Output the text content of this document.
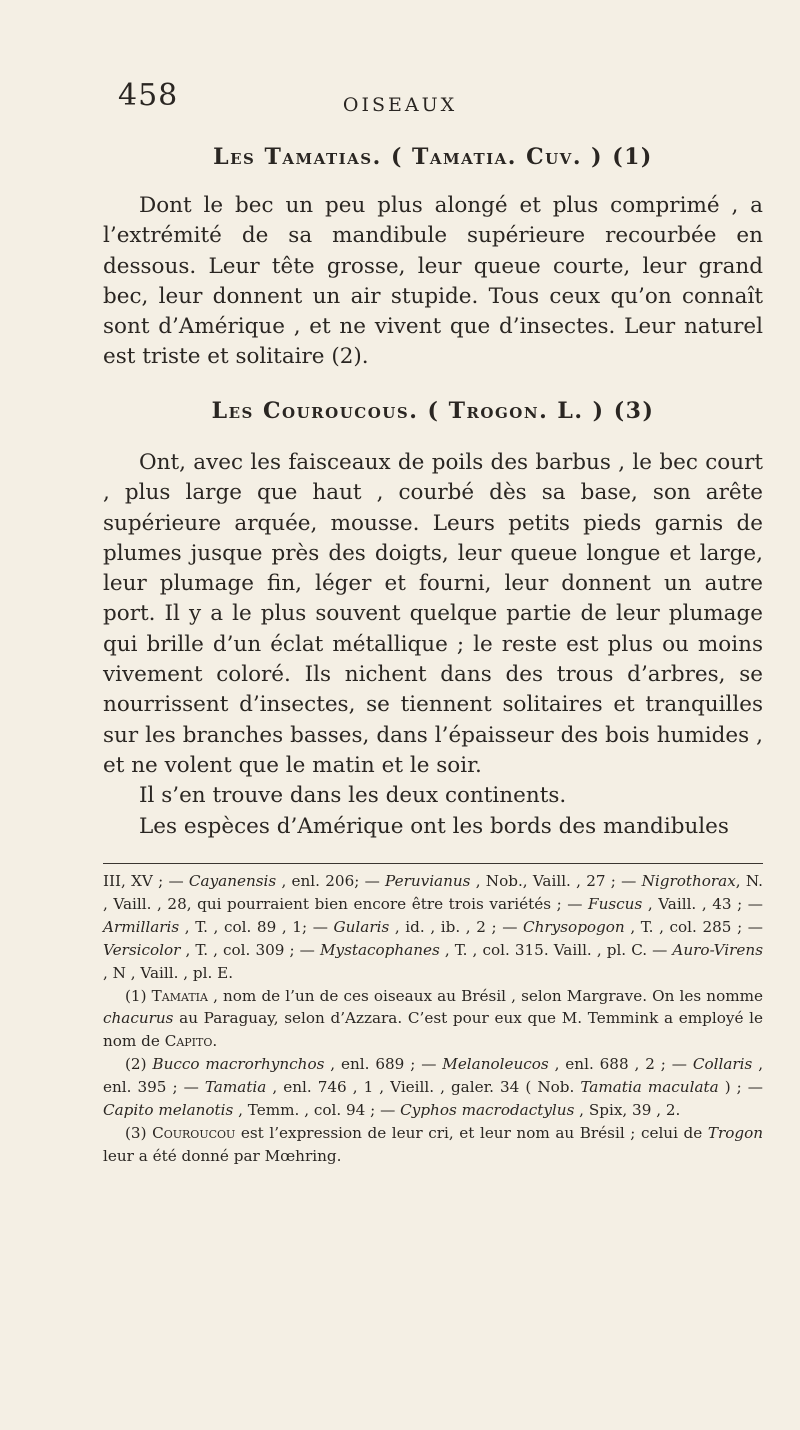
458	OISEAUX
Les Tamatias. ( Tamatia. Cuv. ) (1)

Dont le bec un peu plus alongé et plus comprimé , a l’extrémité de sa mandibule supérieure recourbée en dessous. Leur tête grosse, leur queue courte, leur grand bec, leur donnent un air stupide. Tous ceux qu’on connaît sont d’Amérique , et ne vivent que d’insectes. Leur naturel est triste et solitaire (2).

Les Couroucous. ( Trogon. L. ) (3)

Ont, avec les faisceaux de poils des barbus , le bec court , plus large que haut , courbé dès sa base, son arête supérieure arquée, mousse. Leurs petits pieds garnis de plumes jusque près des doigts, leur queue longue et large, leur plumage fin, léger et fourni, leur donnent un autre port. Il y a le plus souvent quelque partie de leur plumage qui brille d’un éclat métallique ; le reste est plus ou moins vivement coloré. Ils nichent dans des trous d’arbres, se nourrissent d’insectes, se tiennent solitaires et tranquilles sur les branches basses, dans l’épaisseur des bois humides , et ne volent que le matin et le soir.

Il s’en trouve dans les deux continents.

Les espèces d’Amérique ont les bords des mandibules

III, XV ; — Cayanensis , enl. 206; — Peruvianus , Nob., Vaill. , 27 ; — Nigrothorax, N. , Vaill. , 28, qui pourraient bien encore être trois variétés ; — Fuscus , Vaill. , 43 ; — Armillaris , T. , col. 89 , 1; — Gularis , id. , ib. , 2 ; — Chrysopogon , T. , col. 285 ; — Versicolor , T. , col. 309 ; — Mystacophanes , T. , col. 315. Vaill. , pl. C. — Auro-Virens , N , Vaill. , pl. E.

(1) Tamatia , nom de l’un de ces oiseaux au Brésil , selon Margrave. On les nomme chacurus au Paraguay, selon d’Azzara. C’est pour eux que M. Temmink a employé le nom de Capito.

(2) Bucco macrorhynchos , enl. 689 ; — Melanoleucos , enl. 688 , 2 ; — Collaris , enl. 395 ; — Tamatia , enl. 746 , 1 , Vieill. , galer. 34 ( Nob. Tamatia maculata ) ; — Capito melanotis , Temm. , col. 94 ; — Cyphos macrodactylus , Spix, 39 , 2.

(3) Couroucou est l’expression de leur cri, et leur nom au Brésil ; celui de Trogon leur a été donné par Mœhring.
